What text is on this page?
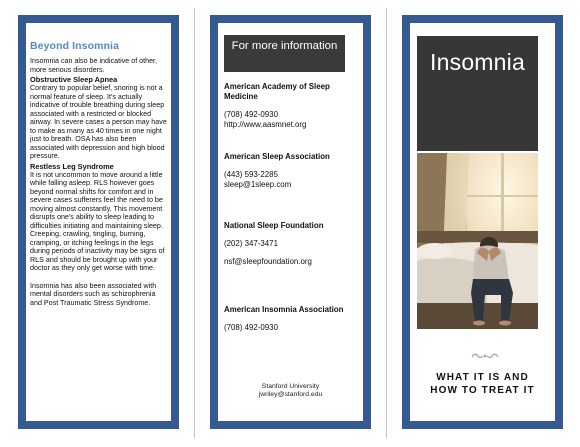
Beyond Insomnia

Insomnia can also be indicative of other, more serious disorders.

Obstructive Sleep Apnea

Contrary to popular belief, snoring is not a normal feature of sleep. It's actually indicative of trouble breathing during sleep associated with a restricted or blocked airway. In severe cases a person may have to make as many as 40 times in one night just to breath. OSA has also been associated with depression and high blood pressure.

Restless Leg Syndrome

It is not uncommon to move around a little while falling asleep. RLS however goes beyond normal shifts for comfort and in severe cases sufferers feel the need to be moving almost constantly. This movement disrupts one's ability to sleep leading to difficulties initiating and maintaining sleep. Creeping, crawling, tingling, burning, cramping, or itching feelings in the legs during periods of inactivity may be signs of RLS and should be brought up with your doctor as they only get worse with time.

Insomnia has also been associated with mental disorders such as schizophrenia and Post Traumatic Stress Syndrome.

For more information
American Academy of Sleep Medicine
(708) 492-0930
http://www.aasmnet.org
American Sleep Association
(443) 593-2285
sleep@1sleep.com
National Sleep Foundation
(202) 347-3471
nsf@sleepfoundation.org
American Insomnia Association
(708) 492-0930
Stanford University
jwriley@stanford.edu
Insomnia
WHAT IT IS AND
HOW TO TREAT IT
